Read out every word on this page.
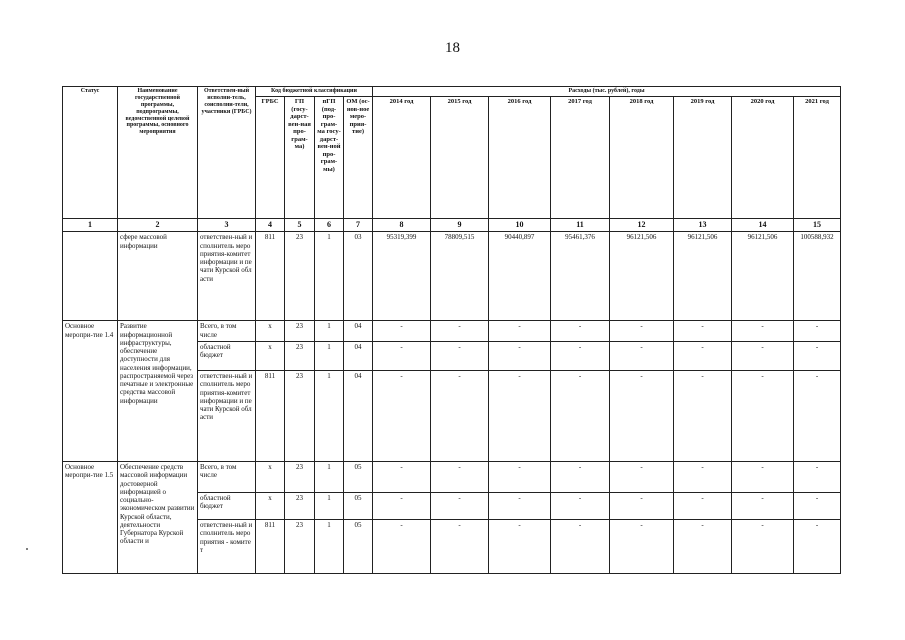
18
Статус	Наименование государственной программы, подпрограммы, ведомственной целевой программы, основного мероприятия	Ответствен-ный исполни-тель, соисполни-тели, участники (ГРБС)	Код бюджетной классификации				Расходы (тыс. рублей), годы							
			ГРБС	ГП (госу-дарст-вен-ная про-грам-ма)	пГП (под-про-грам-ма госу-дарст-вен-ной про-грам-мы)	ОМ (ос-нов-ное меро-прия-тие)	2014 год	2015 год	2016 год	2017 год	2018 год	2019 год	2020 год	2021 год
1	2	3	4	5	6	7	8	9	10	11	12	13	14	15
	сфере массовой информации	ответствен-ный исполнитель мероприятия-комитет информации и печати Курской области	811	23	1	03	95319,399	78809,515	90440,897	95461,376	96121,506	96121,506	96121,506	100588,932
Основное меропри-тие 1.4	Развитие информационной инфраструктуры, обеспечение доступности для населения информации, распространяемой через печатные и электронные средства массовой информации	Всего, в том числе	x	23	1	04	-	-	-	-	-	-	-	-
		областной бюджет	x	23	1	04	-	-	-	-	-	-	-	-
		ответствен-ный исполнитель мероприятия-комитет информации и печати Курской области	811	23	1	04	-	-	-	-	-	-	-	-
Основное меропри-тие 1.5	Обеспечение средств массовой информации достоверной информацией о социально-экономическом развитии Курской области, деятельности Губернатора Курской области и	Всего, в том числе	x	23	1	05	-	-	-	-	-	-	-	-
		областной бюджет	x	23	1	05	-	-	-	-	-	-	-	-
		ответствен-ный исполнитель мероприятия - комитет	811	23	1	05	-	-	-	-	-	-	-	-
